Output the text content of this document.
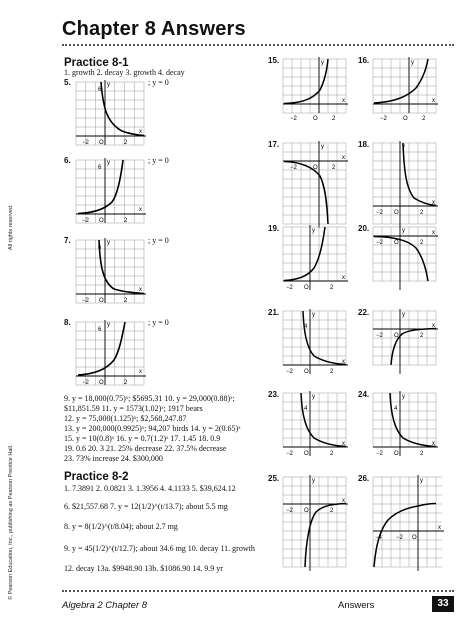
Chapter 8 Answers
All rights reserved.
© Pearson Education, Inc., publishing as Pearson Prentice Hall.
Practice 8-1
1. growth 2. decay 3. growth 4. decay
5.	y
x
O
−2	2
6
; y = 0
6.	y
x
O
−2	2
6
; y = 0
7.	y
x
O
−2	2
6
; y = 0
8.	y
x
O
−2	2
6
; y = 0
9. y = 18,000(0.75)ˣ; $5695.31 10. y = 29,000(0.88)ˣ;
$11,851.59 11. y = 1573(1.02)ˣ; 1917 bears
12. y = 75,000(1.125)ˣ; $2,568,247.87
13. y = 200,000(0.9925)ˣ; 94,207 birds 14. y = 2(0.65)ˣ
15. y = 10(0.8)ˣ 16. y = 0.7(1.2)ˣ 17. 1.45 18. 0.9
19. 0.6 20. 3 21. 25% decrease 22. 37.5% decrease
23. 73% increase 24. $300,000
Practice 8-2
1. 7.3891 2. 0.0821 3. 1.3956 4. 4.1133 5. $39,624.12
6. $21,557.68 7. y = 12(1/2)^(t/13.7); about 5.5 mg
8. y = 8(1/2)^(t/8.04); about 2.7 mg
9. y = 45(1/2)^(t/12.7); about 34.6 mg 10. decay 11. growth
12. decay 13a. $9948.90 13b. $1086.90 14. 9.9 yr
15.	y
x
−2	O 2
16.	y
x
−2	O 2
17.	y
x
−2	O 2
18.	y
x
−2 O	2
19.	y
x
−2 O	2
20.	y	x
−2 O	2
21.	y
4
x
−2 O	2
22.	y
x
−2 O	2
23.	y
4
x
−2 O	2
24.	y
4
x
−2 O	2
25.	y
x
−2 O	2
26.	y
x
−4 −2 O
Algebra 2 Chapter 8	Answers	33
